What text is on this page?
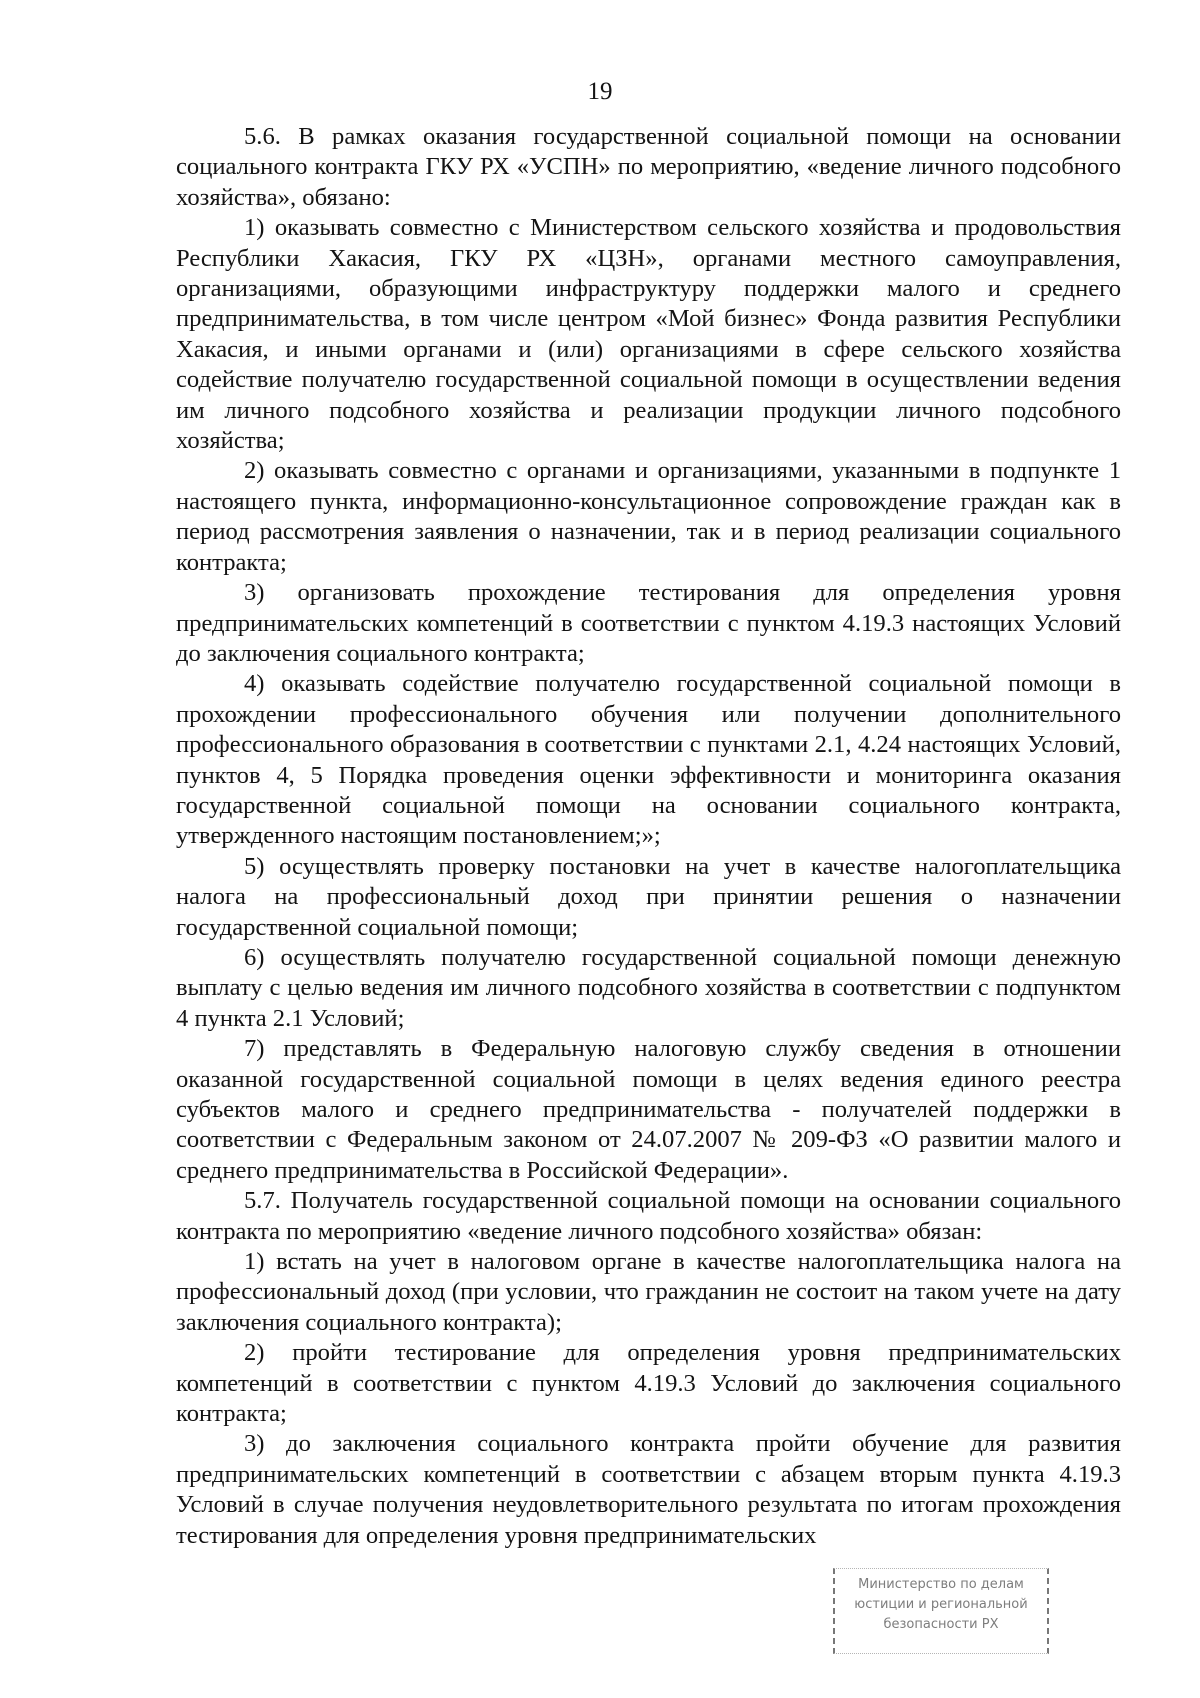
19

5.6. В рамках оказания государственной социальной помощи на основании социального контракта ГКУ РХ «УСПН» по мероприятию, «ведение личного подсобного хозяйства», обязано:

1) оказывать совместно с Министерством сельского хозяйства и продовольствия Республики Хакасия, ГКУ РХ «ЦЗН», органами местного самоуправления, организациями, образующими инфраструктуру поддержки малого и среднего предпринимательства, в том числе центром «Мой бизнес» Фонда развития Республики Хакасия, и иными органами и (или) организациями в сфере сельского хозяйства содействие получателю государственной социальной помощи в осуществлении ведения им личного подсобного хозяйства и реализации продукции личного подсобного хозяйства;

2) оказывать совместно с органами и организациями, указанными в подпункте 1 настоящего пункта, информационно-консультационное сопровождение граждан как в период рассмотрения заявления о назначении, так и в период реализации социального контракта;

3) организовать прохождение тестирования для определения уровня предпринимательских компетенций в соответствии с пунктом 4.19.3 настоящих Условий до заключения социального контракта;

4) оказывать содействие получателю государственной социальной помощи в прохождении профессионального обучения или получении дополнительного профессионального образования в соответствии с пунктами 2.1, 4.24 настоящих Условий, пунктов 4, 5 Порядка проведения оценки эффективности и мониторинга оказания государственной социальной помощи на основании социального контракта, утвержденного настоящим постановлением;»;

5) осуществлять проверку постановки на учет в качестве налогоплательщика налога на профессиональный доход при принятии решения о назначении государственной социальной помощи;

6) осуществлять получателю государственной социальной помощи денежную выплату с целью ведения им личного подсобного хозяйства в соответствии с подпунктом 4 пункта 2.1 Условий;

7) представлять в Федеральную налоговую службу сведения в отношении оказанной государственной социальной помощи в целях ведения единого реестра субъектов малого и среднего предпринимательства - получателей поддержки в соответствии с Федеральным законом от 24.07.2007 № 209-ФЗ «О развитии малого и среднего предпринимательства в Российской Федерации».

5.7. Получатель государственной социальной помощи на основании социального контракта по мероприятию «ведение личного подсобного хозяйства» обязан:

1) встать на учет в налоговом органе в качестве налогоплательщика налога на профессиональный доход (при условии, что гражданин не состоит на таком учете на дату заключения социального контракта);

2) пройти тестирование для определения уровня предпринимательских компетенций в соответствии с пунктом 4.19.3 Условий до заключения социального контракта;

3) до заключения социального контракта пройти обучение для развития предпринимательских компетенций в соответствии с абзацем вторым пункта 4.19.3 Условий в случае получения неудовлетворительного результата по итогам прохождения тестирования для определения уровня предпринимательских

Министерство по делам
юстиции и региональной
безопасности РХ
